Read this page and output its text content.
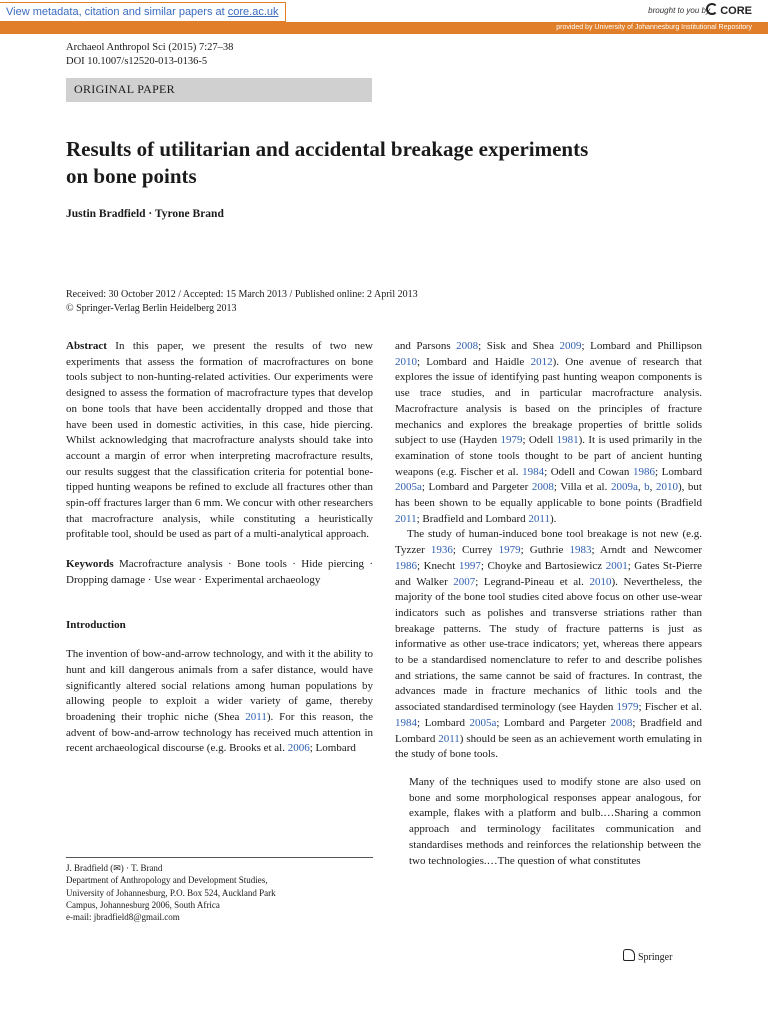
View metadata, citation and similar papers at core.ac.uk	brought to you by CORE
provided by University of Johannesburg Institutional Repository
Archaeol Anthropol Sci (2015) 7:27–38
DOI 10.1007/s12520-013-0136-5
ORIGINAL PAPER
Results of utilitarian and accidental breakage experiments
on bone points
Justin Bradfield · Tyrone Brand
Received: 30 October 2012 / Accepted: 15 March 2013 / Published online: 2 April 2013
© Springer-Verlag Berlin Heidelberg 2013

Abstract In this paper, we present the results of two new experiments that assess the formation of macrofractures on bone tools subject to non-hunting-related activities. Our experiments were designed to assess the formation of macrofracture types that develop on bone tools that have been accidentally dropped and those that have been used in domestic activities, in this case, hide piercing. Whilst acknowledging that macrofracture analysts should take into account a margin of error when interpreting macrofracture results, our results suggest that the classification criteria for potential bone-tipped hunting weapons be refined to exclude all fractures other than spin-off fractures larger than 6 mm. We concur with other researchers that macrofracture analysis, while constituting a heuristically profitable tool, should be used as part of a multi-analytical approach.

Keywords Macrofracture analysis · Bone tools · Hide piercing · Dropping damage · Use wear · Experimental archaeology

Introduction

The invention of bow-and-arrow technology, and with it the ability to hunt and kill dangerous animals from a safer distance, would have significantly altered social relations among human populations by allowing people to exploit a wider variety of game, thereby broadening their trophic niche (Shea 2011). For this reason, the advent of bow-and-arrow technology has received much attention in recent archaeological discourse (e.g. Brooks et al. 2006; Lombard

J. Bradfield (✉) · T. Brand
Department of Anthropology and Development Studies,
University of Johannesburg, P.O. Box 524, Auckland Park
Campus, Johannesburg 2006, South Africa
e-mail: jbradfield8@gmail.com

and Parsons 2008; Sisk and Shea 2009; Lombard and Phillipson 2010; Lombard and Haidle 2012). One avenue of research that explores the issue of identifying past hunting weapon components is use trace studies, and in particular macrofracture analysis. Macrofracture analysis is based on the principles of fracture mechanics and explores the breakage properties of brittle solids subject to use (Hayden 1979; Odell 1981). It is used primarily in the examination of stone tools thought to be part of ancient hunting weapons (e.g. Fischer et al. 1984; Odell and Cowan 1986; Lombard 2005a; Lombard and Pargeter 2008; Villa et al. 2009a, b, 2010), but has been shown to be equally applicable to bone points (Bradfield 2011; Bradfield and Lombard 2011).

The study of human-induced bone tool breakage is not new (e.g. Tyzzer 1936; Currey 1979; Guthrie 1983; Arndt and Newcomer 1986; Knecht 1997; Choyke and Bartosiewicz 2001; Gates St-Pierre and Walker 2007; Legrand-Pineau et al. 2010). Nevertheless, the majority of the bone tool studies cited above focus on other use-wear indicators such as polishes and transverse striations rather than breakage patterns. The study of fracture patterns is just as informative as other use-trace indicators; yet, whereas there appears to be a standardised nomenclature to refer to and describe polishes and striations, the same cannot be said of fractures. In contrast, the advances made in fracture mechanics of lithic tools and the associated standardised terminology (see Hayden 1979; Fischer et al. 1984; Lombard 2005a; Lombard and Pargeter 2008; Bradfield and Lombard 2011) should be seen as an achievement worth emulating in the study of bone tools.

Many of the techniques used to modify stone are also used on bone and some morphological responses appear analogous, for example, flakes with a platform and bulb.…Sharing a common approach and terminology facilitates communication and standardises methods and reinforces the relationship between the two technologies.…The question of what constitutes

Springer
